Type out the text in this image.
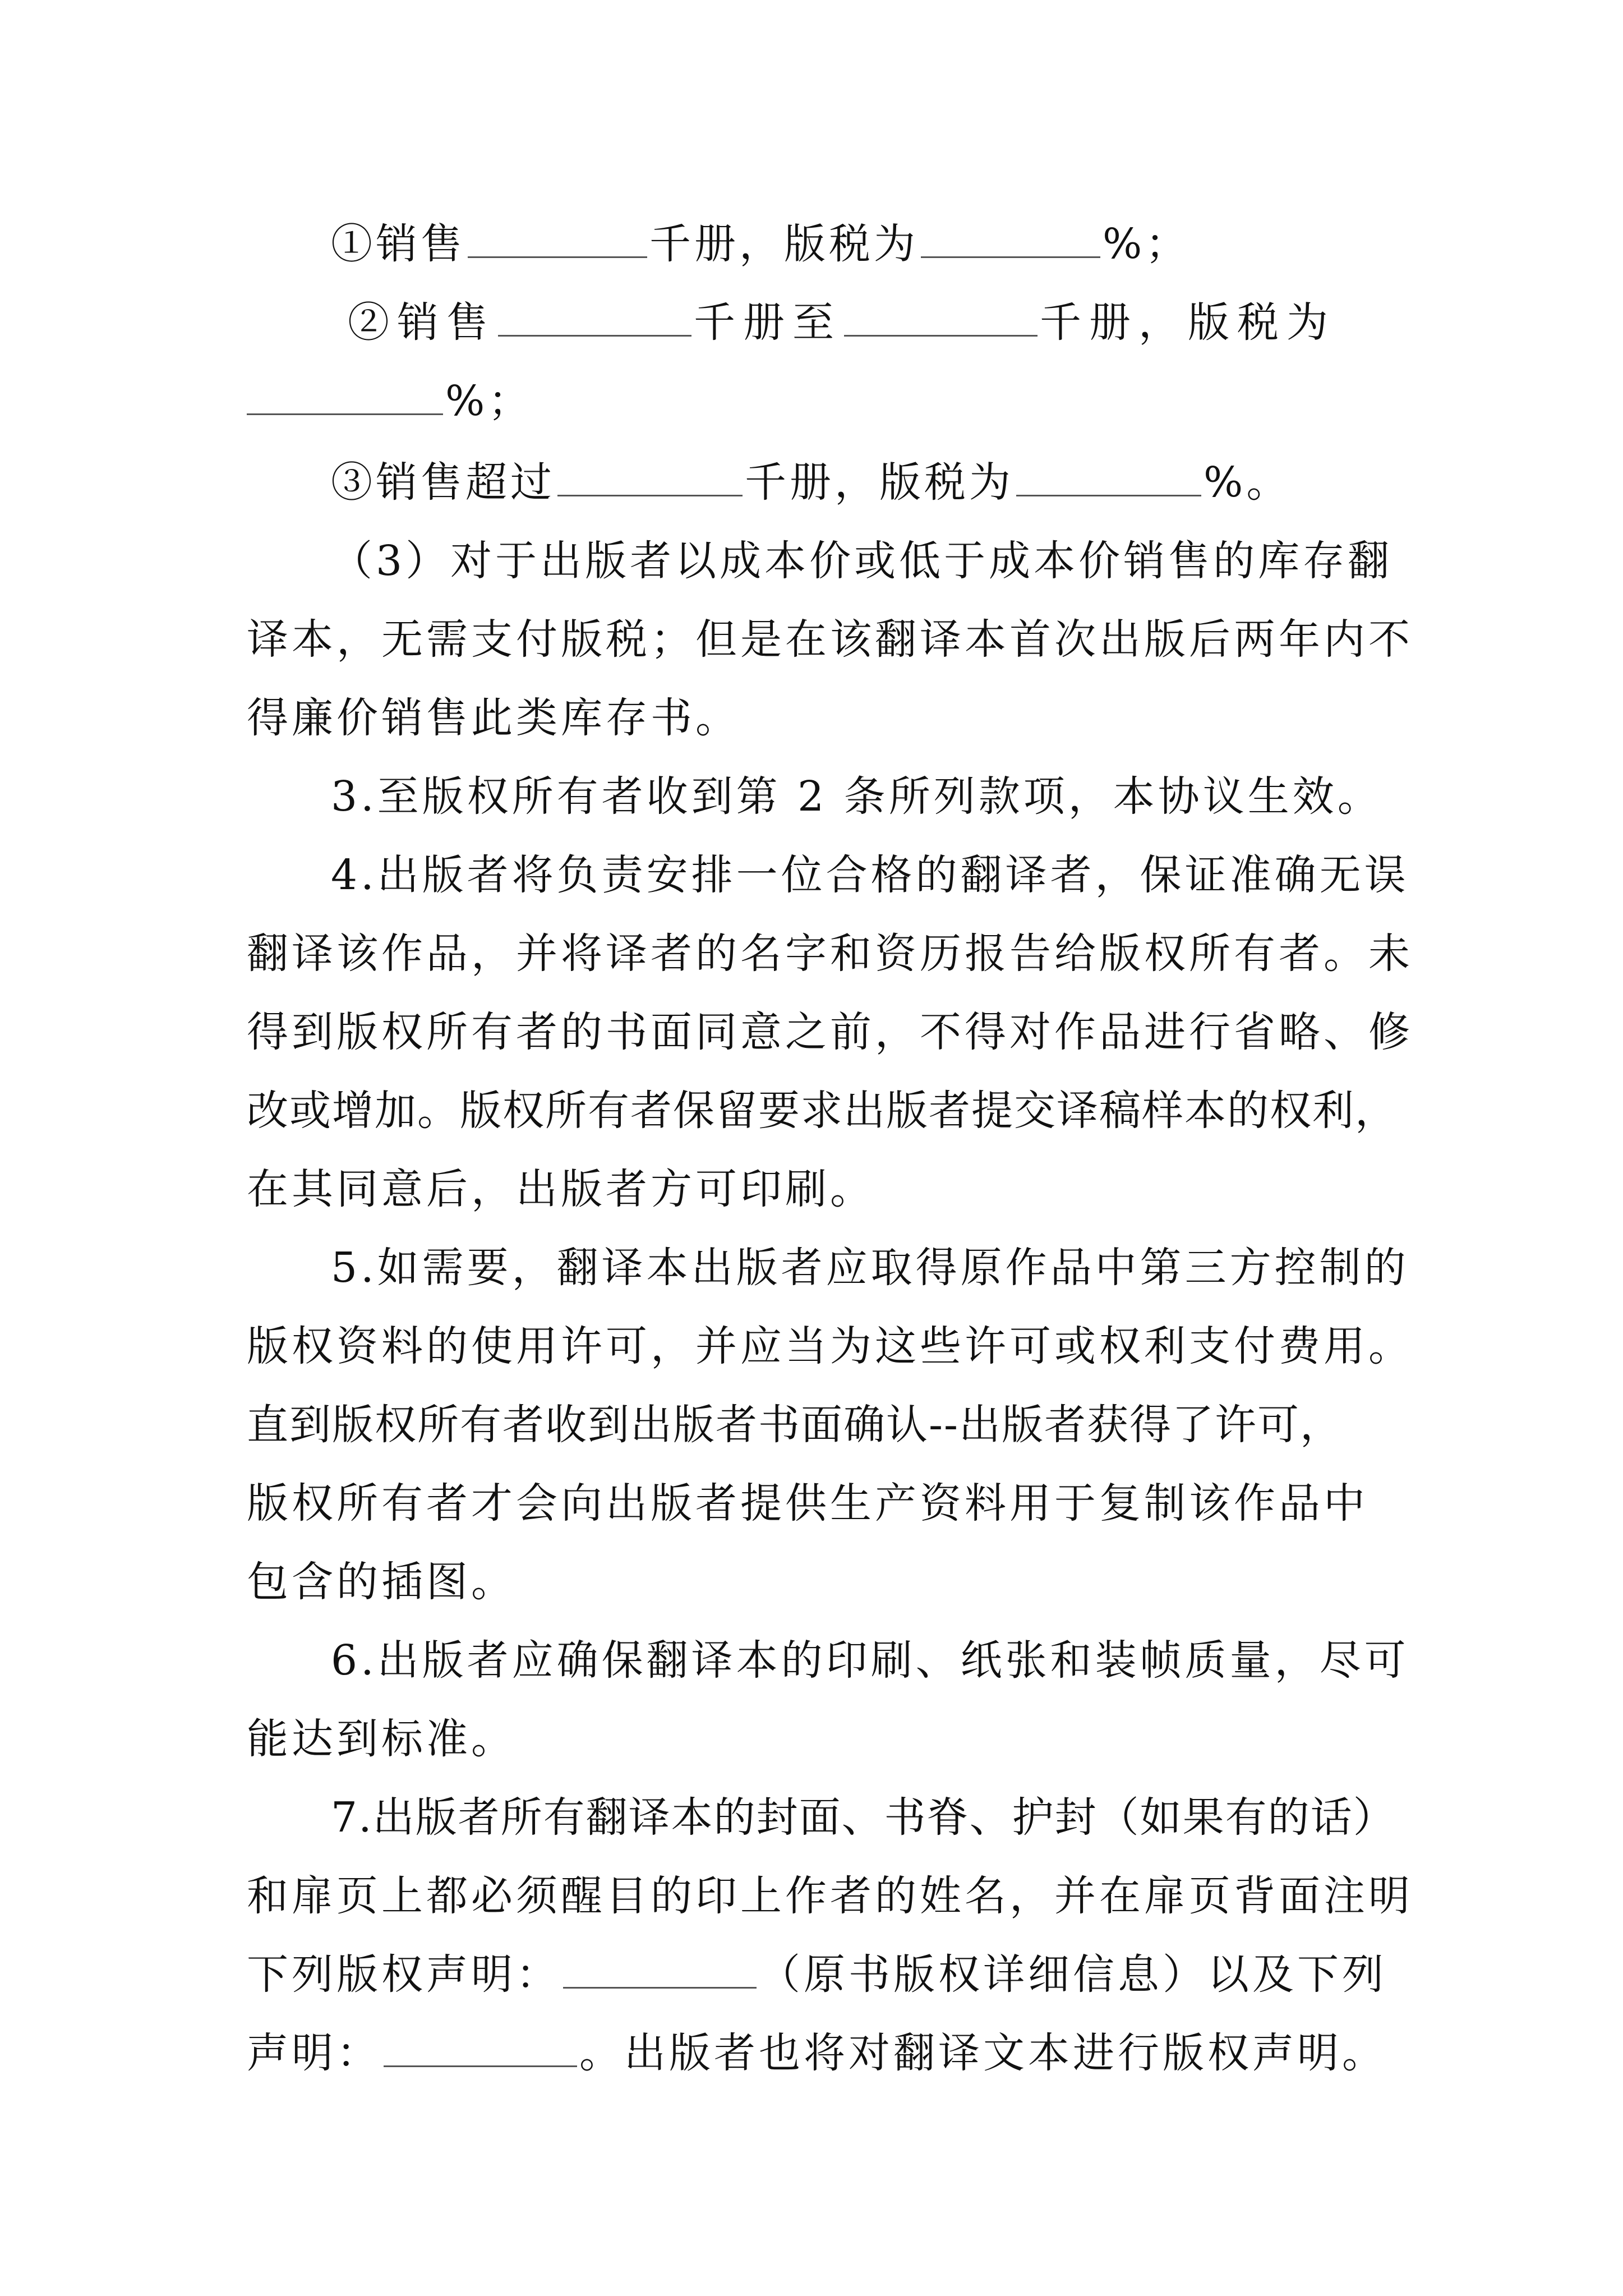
①销售	千册，版税为	%；
②销售	千册至	千册，版税为
%；
③销售超过	千册，版税为	%。
（3）对于出版者以成本价或低于成本价销售的库存翻
译本，无需支付版税；但是在该翻译本首次出版后两年内不
得廉价销售此类库存书。
3.至版权所有者收到第 2 条所列款项，本协议生效。
4.出版者将负责安排一位合格的翻译者，保证准确无误
翻译该作品，并将译者的名字和资历报告给版权所有者。未
得到版权所有者的书面同意之前，不得对作品进行省略、修
改或增加。版权所有者保留要求出版者提交译稿样本的权利，
在其同意后，出版者方可印刷。
5.如需要，翻译本出版者应取得原作品中第三方控制的
版权资料的使用许可，并应当为这些许可或权利支付费用。
直到版权所有者收到出版者书面确认--出版者获得了许可，
版权所有者才会向出版者提供生产资料用于复制该作品中
包含的插图。
6.出版者应确保翻译本的印刷、纸张和装帧质量，尽可
能达到标准。
7.出版者所有翻译本的封面、书脊、护封（如果有的话）
和扉页上都必须醒目的印上作者的姓名，并在扉页背面注明
下列版权声明：	（原书版权详细信息）以及下列
声明：	。出版者也将对翻译文本进行版权声明。
